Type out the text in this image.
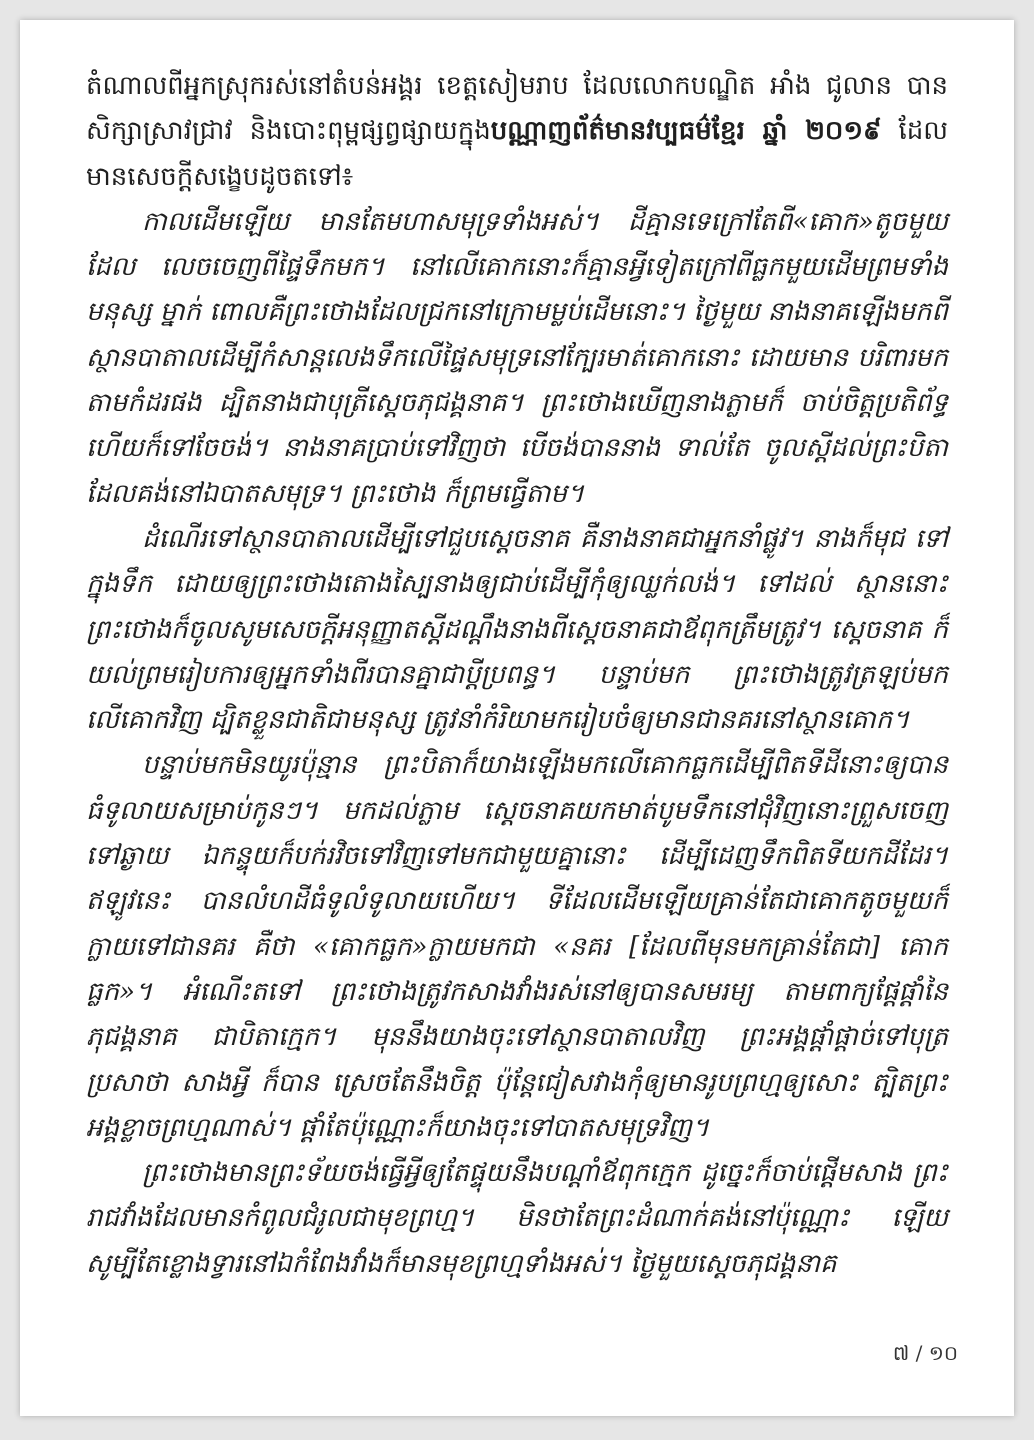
តំណាលពីអ្នកស្រុករស់នៅតំបន់អង្គរ ខេត្តសៀមរាប ដែលលោកបណ្ឌិត អាំង ជូលាន បាន សិក្សាស្រាវជ្រាវ និងបោះពុម្ពផ្សព្វផ្សាយក្នុងបណ្ណាញព័ត៌មានវប្បធម៌ខ្មែរ ឆ្នាំ ២០១៩ ដែល មានសេចក្ដីសង្ខេបដូចតទៅ៖

កាលដើមឡើយ មានតែមហាសមុទ្រទាំងអស់។ ដីគ្មានទេក្រៅតែពី«គោក»តូចមួយ ដែល លេចចេញពីផ្ទៃទឹកមក។ នៅលើគោកនោះក៏គ្មានអ្វីទៀតក្រៅពីធ្លកមួយដើមព្រមទាំងមនុស្ស ម្នាក់ ពោលគឺព្រះថោងដែលជ្រកនៅក្រោមម្លប់ដើមនោះ។ ថ្ងៃមួយ នាងនាគឡើងមកពី ស្ថានបាតាលដើម្បីកំសាន្តលេងទឹកលើផ្ទៃសមុទ្រនៅក្បែរមាត់គោកនោះ ដោយមាន បរិពារមកតាមកំដរផង ដ្បិតនាងជាបុត្រីស្ដេចភុជង្គនាគ។ ព្រះថោងឃើញនាងភ្លាមក៏ ចាប់ចិត្តប្រតិព័ទ្ធ ហើយក៏ទៅចែចង់។ នាងនាគប្រាប់ទៅវិញថា បើចង់បាននាង ទាល់តែ ចូលស្ដីដល់ព្រះបិតាដែលគង់នៅឯបាតសមុទ្រ។ ព្រះថោង ក៏ព្រមធ្វើតាម។

ដំណើរទៅស្ថានបាតាលដើម្បីទៅជួបស្ដេចនាគ គឺនាងនាគជាអ្នកនាំផ្លូវ។ នាងក៏មុជ ទៅក្នុងទឹក ដោយឲ្យព្រះថោងតោងស្បៃនាងឲ្យជាប់ដើម្បីកុំឲ្យឈ្លក់លង់។ ទៅដល់ ស្ថាននោះ ព្រះថោងក៏ចូលសូមសេចក្ដីអនុញ្ញាតស្ដីដណ្ដឹងនាងពីស្ដេចនាគជាឪពុកត្រឹមត្រូវ។ ស្ដេចនាគ ក៏យល់ព្រមរៀបការឲ្យអ្នកទាំងពីរបានគ្នាជាប្ដីប្រពន្ធ។ បន្ទាប់មក ព្រះថោងត្រូវត្រឡប់មក លើគោកវិញ ដ្បិតខ្លួនជាតិជាមនុស្ស ត្រូវនាំកំរិយាមករៀបចំឲ្យមានជានគរនៅស្ថានគោក។

បន្ទាប់មកមិនយូរប៉ុន្មាន ព្រះបិតាក៏យាងឡើងមកលើគោកធ្លកដើម្បីពិតទីដីនោះឲ្យបាន ធំទូលាយសម្រាប់កូនៗ។ មកដល់ភ្លាម ស្ដេចនាគយកមាត់បូមទឹកនៅជុំវិញនោះព្រួសចេញ ទៅឆ្ងាយ ឯកន្ទុយក៏បក់រវិចទៅវិញទៅមកជាមួយគ្នានោះ ដើម្បីដេញទឹកពិតទីយកដីដែរ។ ឥឡូវនេះ បានលំហដីធំទូលំទូលាយហើយ។ ទីដែលដើមឡើយគ្រាន់តែជាគោកតូចមួយក៏ ក្លាយទៅជានគរ គឺថា «គោកធ្លក»ក្លាយមកជា «នគរ [ដែលពីមុនមកគ្រាន់តែជា] គោកធ្លក»។ អំណើះតទៅ ព្រះថោងត្រូវកសាងវាំងរស់នៅឲ្យបានសមរម្យ តាមពាក្យផ្ដែផ្ដាំនៃភុជង្គនាគ ជាបិតាក្មេក។ មុននឹងយាងចុះទៅស្ថានបាតាលវិញ ព្រះអង្គផ្ដាំផ្ដាច់ទៅបុត្រប្រសាថា សាងអ្វី ក៏បាន ស្រេចតែនឹងចិត្ត ប៉ុន្តែជៀសវាងកុំឲ្យមានរូបព្រហ្មឲ្យសោះ ត្បិតព្រះអង្គខ្លាចព្រហ្មណាស់។ ផ្ដាំតែប៉ុណ្ណោះក៏យាងចុះទៅបាតសមុទ្រវិញ។

ព្រះថោងមានព្រះទ័យចង់ធ្វើអ្វីឲ្យតែផ្ទុយនឹងបណ្ដាំឪពុកក្មេក ដូច្នេះក៏ចាប់ផ្ដើមសាង ព្រះរាជវាំងដែលមានកំពូលជំរូលជាមុខព្រហ្ម។ មិនថាតែព្រះដំណាក់គង់នៅប៉ុណ្ណោះ ឡើយ សូម្បីតែខ្លោងទ្វារនៅឯកំពែងវាំងក៏មានមុខព្រហ្មទាំងអស់។ ថ្ងៃមួយស្ដេចភុជង្គនាគ

៧ / ១០
